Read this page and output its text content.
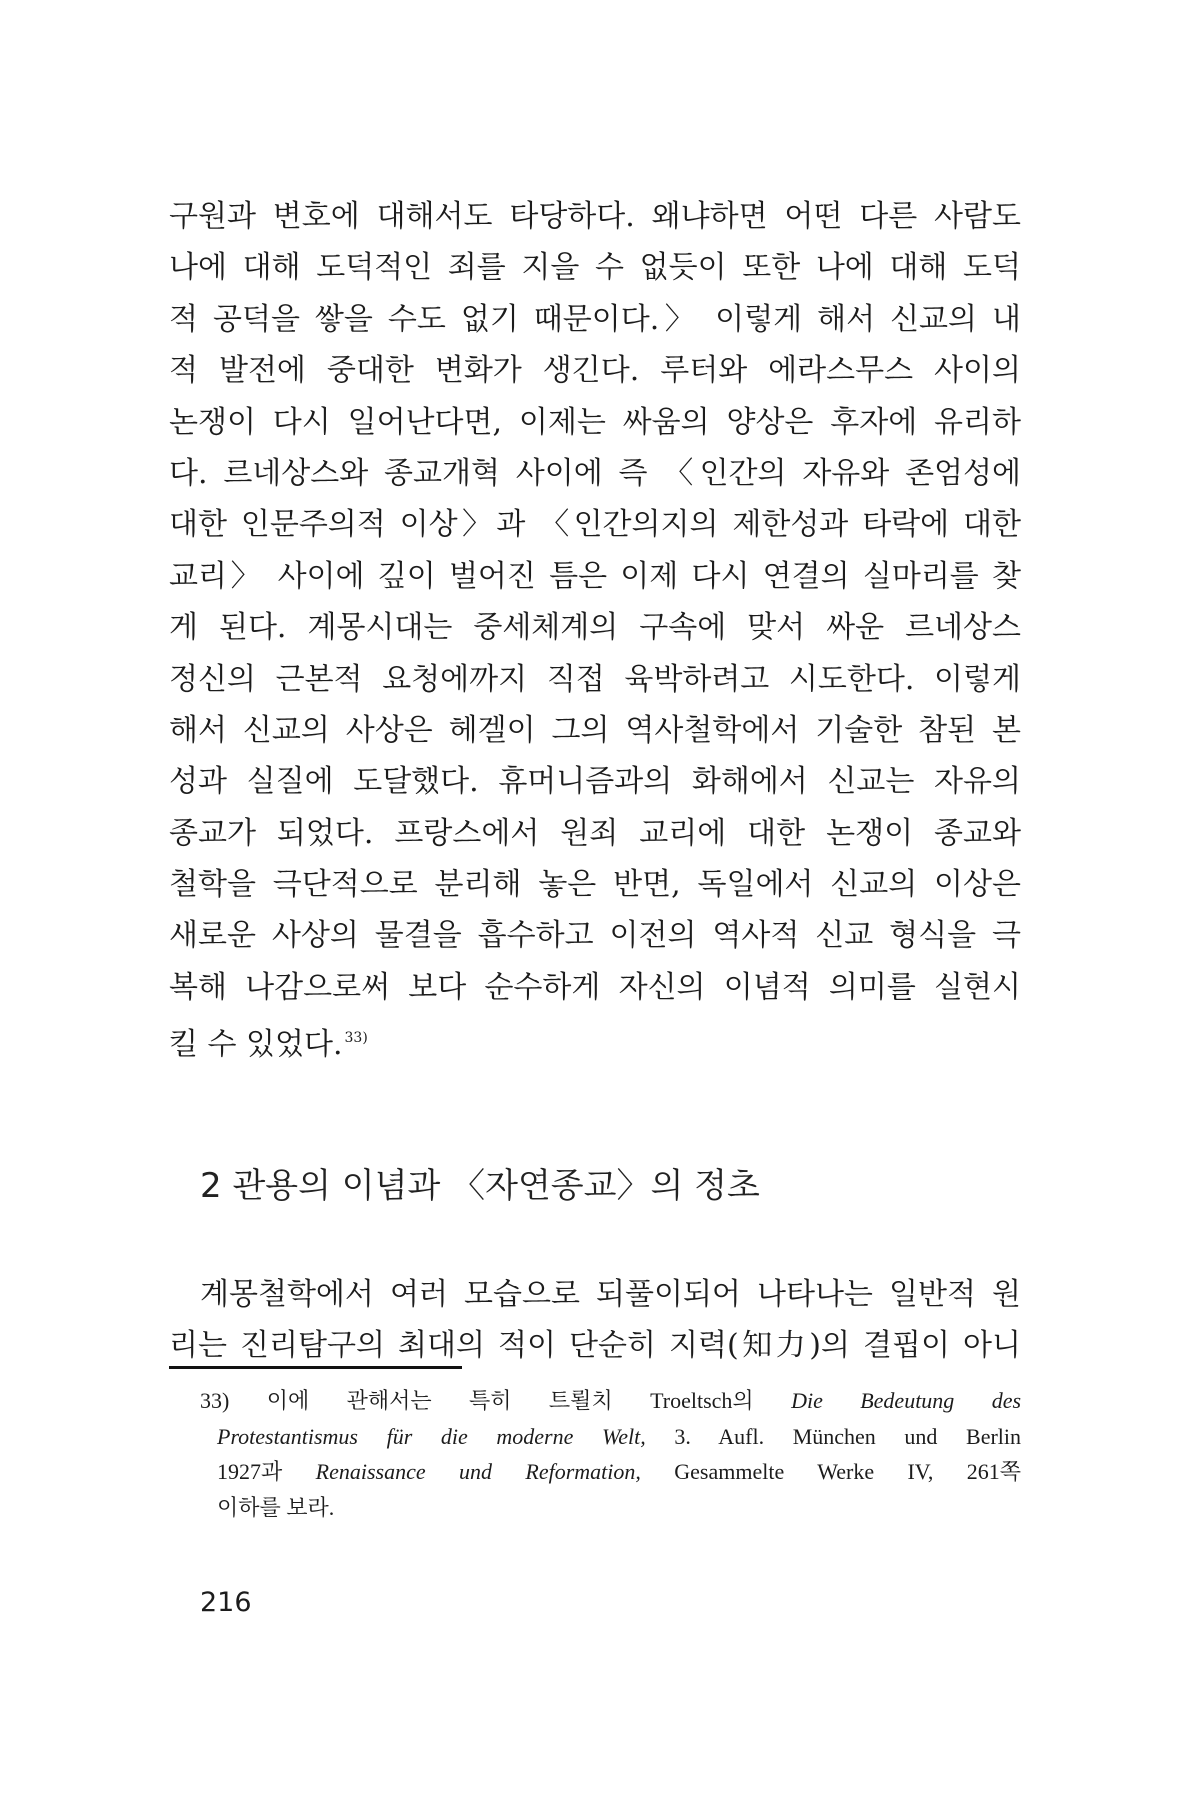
구원과 변호에 대해서도 타당하다. 왜냐하면 어떤 다른 사람도
나에 대해 도덕적인 죄를 지을 수 없듯이 또한 나에 대해 도덕
적 공덕을 쌓을 수도 없기 때문이다.〉 이렇게 해서 신교의 내
적 발전에 중대한 변화가 생긴다. 루터와 에라스무스 사이의
논쟁이 다시 일어난다면, 이제는 싸움의 양상은 후자에 유리하
다. 르네상스와 종교개혁 사이에 즉 〈인간의 자유와 존엄성에
대한 인문주의적 이상〉과 〈인간의지의 제한성과 타락에 대한
교리〉 사이에 깊이 벌어진 틈은 이제 다시 연결의 실마리를 찾
게 된다. 계몽시대는 중세체계의 구속에 맞서 싸운 르네상스
정신의 근본적 요청에까지 직접 육박하려고 시도한다. 이렇게
해서 신교의 사상은 헤겔이 그의 역사철학에서 기술한 참된 본
성과 실질에 도달했다. 휴머니즘과의 화해에서 신교는 자유의
종교가 되었다. 프랑스에서 원죄 교리에 대한 논쟁이 종교와
철학을 극단적으로 분리해 놓은 반면, 독일에서 신교의 이상은
새로운 사상의 물결을 흡수하고 이전의 역사적 신교 형식을 극
복해 나감으로써 보다 순수하게 자신의 이념적 의미를 실현시
킬 수 있었다. $^{33)}$
2 관용의 이념과 〈자연종교〉의 정초
계몽철학에서 여러 모습으로 되풀이되어 나타나는 일반적 원
리는 진리탐구의 최대의 적이 단순히 지력(知力)의 결핍이 아니
33) 이에 관해서는 특히 트뢸치 Troeltsch의 Die Bedeutung des
Protestantismus für die moderne Welt, 3. Aufl. München und Berlin
1927과 Renaissance und Reformation, Gesammelte Werke IV, 261쪽
이하를 보라.
216
